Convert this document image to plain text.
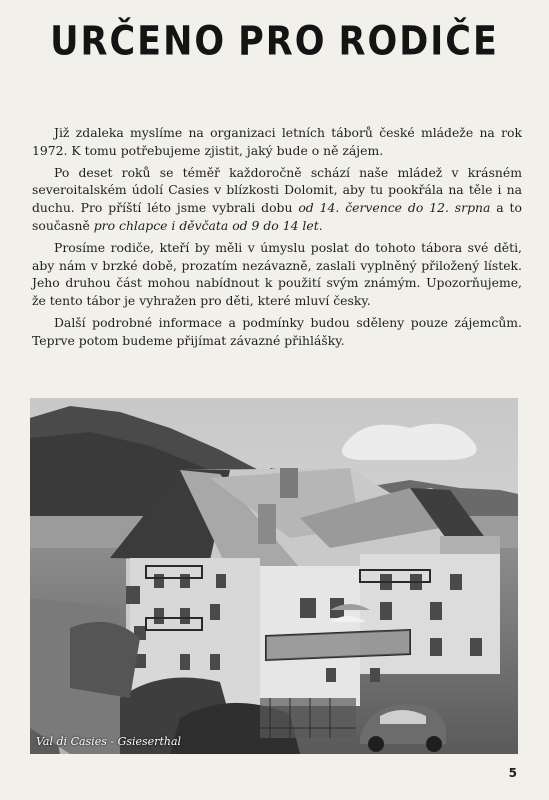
URČENO PRO RODIČE

Již zdaleka myslíme na organizaci letních táborů české mládeže na rok 1972. K tomu potřebujeme zjistit, jaký bude o ně zájem.

Po deset roků se téměř každoročně schází naše mládež v krásném severoitalském údolí Casies v blízkosti Dolomit, aby tu pookřála na těle i na duchu. Pro příští léto jsme vybrali dobu od 14. července do 12. srpna a to současně pro chlapce i děvčata od 9 do 14 let.

Prosíme rodiče, kteří by měli v úmyslu poslat do tohoto tábora své děti, aby nám v brzké době, prozatím nezávazně, zaslali vyplněný přiložený lístek. Jeho druhou část mohou nabídnout k použití svým známým. Upozorňujeme, že tento tábor je vyhražen pro děti, které mluví česky.

Další podrobné informace a podmínky budou sděleny pouze zájemcům. Teprve potom budeme přijímat závazné přihlášky.

Val di Casies - Gsieserthal
5
